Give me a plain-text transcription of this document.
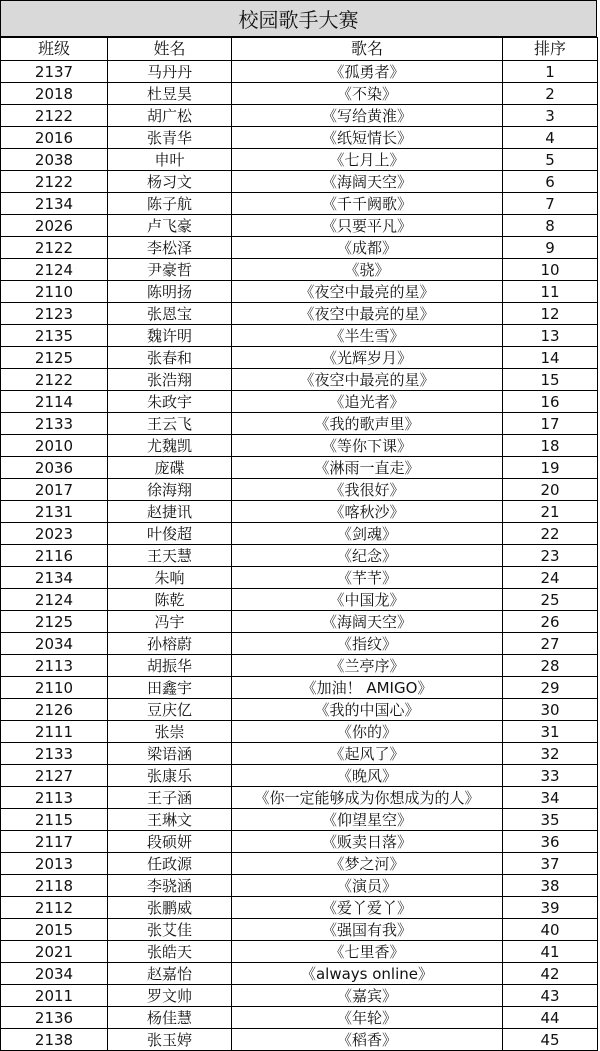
校园歌手大赛
班级	姓名	歌名	排序
2137	马丹丹	《孤勇者》	1
2018	杜昱昊	《不染》	2
2122	胡广松	《写给黄淮》	3
2016	张青华	《纸短情长》	4
2038	申叶	《七月上》	5
2122	杨习文	《海阔天空》	6
2134	陈子航	《千千阙歌》	7
2026	卢飞豪	《只要平凡》	8
2122	李松泽	《成都》	9
2124	尹豪哲	《骁》	10
2110	陈明扬	《夜空中最亮的星》	11
2123	张恩宝	《夜空中最亮的星》	12
2135	魏许明	《半生雪》	13
2125	张春和	《光辉岁月》	14
2122	张浩翔	《夜空中最亮的星》	15
2114	朱政宇	《追光者》	16
2133	王云飞	《我的歌声里》	17
2010	尤魏凯	《等你下课》	18
2036	庞碟	《淋雨一直走》	19
2017	徐海翔	《我很好》	20
2131	赵捷讯	《喀秋沙》	21
2023	叶俊超	《剑魂》	22
2116	王天慧	《纪念》	23
2134	朱响	《芊芊》	24
2124	陈乾	《中国龙》	25
2125	冯宇	《海阔天空》	26
2034	孙榕蔚	《指纹》	27
2113	胡振华	《兰亭序》	28
2110	田鑫宇	《加油！ AMIGO》	29
2126	豆庆亿	《我的中国心》	30
2111	张崇	《你的》	31
2133	梁语涵	《起风了》	32
2127	张康乐	《晚风》	33
2113	王子涵	《你一定能够成为你想成为的人》	34
2115	王琳文	《仰望星空》	35
2117	段硕妍	《贩卖日落》	36
2013	任政源	《梦之河》	37
2118	李骁涵	《演员》	38
2112	张鹏威	《爱丫爱丫》	39
2015	张艾佳	《强国有我》	40
2021	张皓天	《七里香》	41
2034	赵嘉怡	《always online》	42
2011	罗文帅	《嘉宾》	43
2136	杨佳慧	《年轮》	44
2138	张玉婷	《稻香》	45
